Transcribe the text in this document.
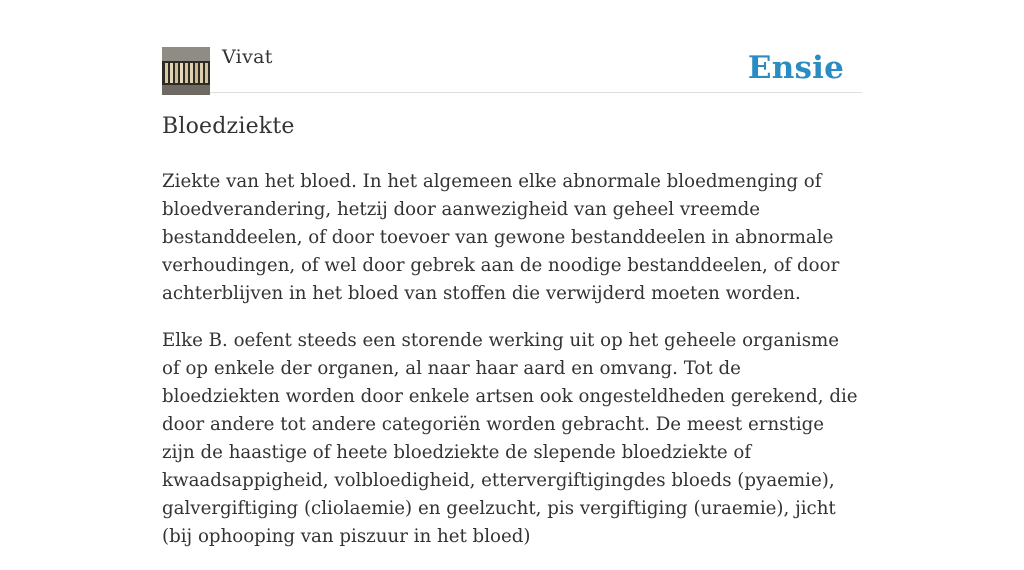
Vivat	Ensie
Bloedziekte

Ziekte van het bloed. In het algemeen elke abnormale bloedmenging of bloedverandering, hetzij door aanwezigheid van geheel vreemde bestanddeelen, of door toevoer van gewone bestanddeelen in abnormale verhoudingen, of wel door gebrek aan de noodige bestanddeelen, of door achterblijven in het bloed van stoffen die verwijderd moeten worden.

Elke B. oefent steeds een storende werking uit op het geheele organisme of op enkele der organen, al naar haar aard en omvang. Tot de bloedziekten worden door enkele artsen ook ongesteldheden gerekend, die door andere tot andere categoriën worden gebracht. De meest ernstige zijn de haastige of heete bloedziekte de slepende bloedziekte of kwaadsappigheid, volbloedigheid, ettervergiftigingdes bloeds (pyaemie), galvergiftiging (cliolaemie) en geelzucht, pis vergiftiging (uraemie), jicht (bij ophooping van piszuur in het bloed)
